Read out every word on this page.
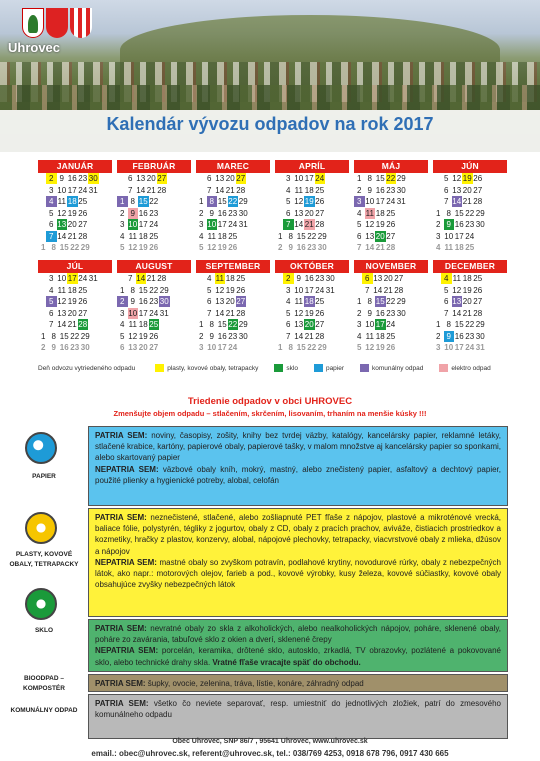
Uhrovec
Kalendár vývozu odpadov na rok 2017
JANUÁR
2 9 16 23 30
3 10 17 24 31
4 11 18 25
5 12 19 26
6 13 20 27
7 14 21 28
1 8 15 22 29
FEBRUÁR
6 13 20 27
7 14 21 28
1 8 15 22
2 9 16 23
3 10 17 24
4 11 18 25
5 12 19 26
MAREC
6 13 20 27
7 14 21 28
1 8 15 22 29
2 9 16 23 30
3 10 17 24 31
4 11 18 25
5 12 19 26
APRÍL
3 10 17 24
4 11 18 25
5 12 19 26
6 13 20 27
7 14 21 28
1 8 15 22 29
2 9 16 23 30
MÁJ
1 8 15 22 29
2 9 16 23 30
3 10 17 24 31
4 11 18 25
5 12 19 26
6 13 20 27
7 14 21 28
JÚN
5 12 19 26
6 13 20 27
7 14 21 28
1 8 15 22 29
2 9 16 23 30
3 10 17 24
4 11 18 25
JÚL
3 10 17 24 31
4 11 18 25
5 12 19 26
6 13 20 27
7 14 21 28
1 8 15 22 29
2 9 16 23 30
AUGUST
7 14 21 28
1 8 15 22 29
2 9 16 23 30
3 10 17 24 31
4 11 18 25
5 12 19 26
6 13 20 27
SEPTEMBER
4 11 18 25
5 12 19 26
6 13 20 27
7 14 21 28
1 8 15 22 29
2 9 16 23 30
3 10 17 24
OKTÓBER
2 9 16 23 30
3 10 17 24 31
4 11 18 25
5 12 19 26
6 13 20 27
7 14 21 28
1 8 15 22 29
NOVEMBER
6 13 20 27
7 14 21 28
1 8 15 22 29
2 9 16 23 30
3 10 17 24
4 11 18 25
5 12 19 26
DECEMBER
4 11 18 25
5 12 19 26
6 13 20 27
7 14 21 28
1 8 15 22 29
2 9 16 23 30
3 10 17 24 31
Deň odvozu vytriedeného odpadu	plasty, kovové obaly, tetrapacky	sklo	papier	komunálny odpad	elektro odpad
Triedenie odpadov v obci UHROVEC
Zmenšujte objem odpadu – stlačením, skrčením, lisovaním, trhaním na menšie kúsky !!!
PAPIER
PATRIA SEM: noviny, časopisy, zošity, knihy bez tvrdej väzby, katalógy, kancelársky papier, reklamné letáky, stlačené krabice, kartóny, papierové obaly, papierové tašky, v malom množstve aj kancelársky papier so sponkami, alebo skartovaný papier
NEPATRIA SEM: väzbové obaly kníh, mokrý, mastný, alebo znečistený papier, asfaltový a dechtový papier, použité plienky a hygienické potreby, alobal, celofán
PLASTY, KOVOVÉ OBALY, TETRAPACKY
PATRIA SEM: neznečistené, stlačené, alebo zošliapnuté PET fľaše z nápojov, plastové a mikroténové vrecká, baliace fólie, polystyrén, tégliky z jogurtov, obaly z CD, obaly z pracích prachov, aviváže, čistiacich prostriedkov a kozmetiky, hračky z plastov, konzervy, alobal, nápojové plechovky, tetrapacky, viacvrstvové obaly z mlieka, džúsov a nápojov
NEPATRIA SEM: mastné obaly so zvyškom potravín, podlahové krytiny, novodurové rúrky, obaly z nebezpečných látok, ako napr.: motorových olejov, farieb a pod., kovové výrobky, kusy železa, kovové súčiastky, kovové obaly obsahujúce zvyšky nebezpečných látok
SKLO	PATRIA SEM: nevratné obaly zo skla z alkoholických, alebo nealkoholických nápojov, poháre, sklenené obaly, poháre zo zavárania, tabuľové sklo z okien a dverí, sklenené črepy
NEPATRIA SEM: porcelán, keramika, drôtené sklo, autosklo, zrkadlá, TV obrazovky, pozlátené a pokovované sklo, alebo technické drahy skla. Vratné fľaše vracajte späť do obchodu.
BIOODPAD – KOMPOSTÉR
PATRIA SEM: šupky, ovocie, zelenina, tráva, lístie, konáre, záhradný odpad
KOMUNÁLNY ODPAD
PATRIA SEM: všetko čo neviete separovať, resp. umiestniť do jednotlivých zložiek, patrí do zmesového komunálneho odpadu
Obec Uhrovec, SNP 86/7 , 95641 Uhrovec, www.uhrovec.sk
email.: obec@uhrovec.sk, referent@uhrovec.sk, tel.: 038/769 4253, 0918 678 796, 0917 430 665
